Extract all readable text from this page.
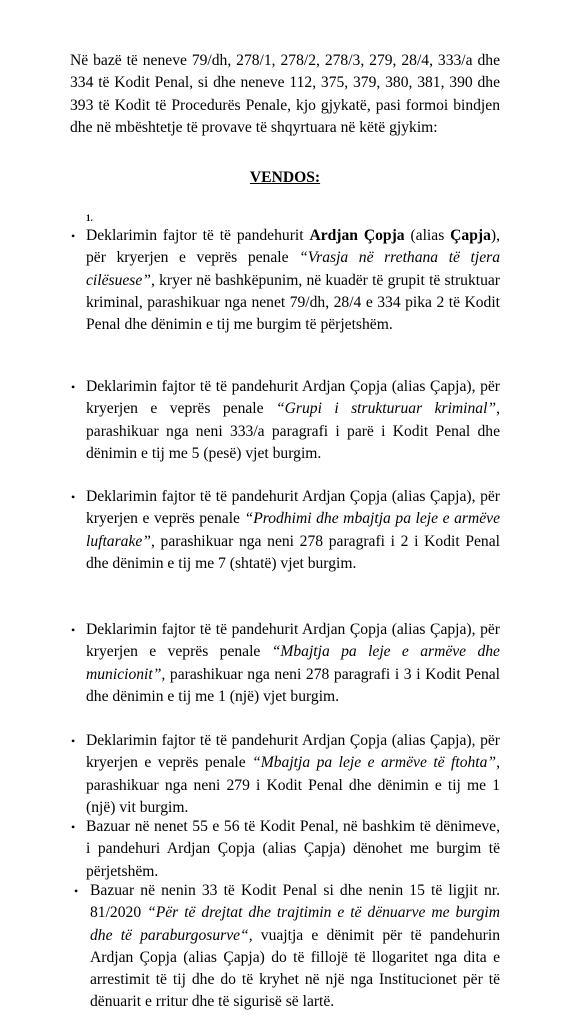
Në bazë të neneve 79/dh, 278/1, 278/2, 278/3, 279, 28/4, 333/a dhe 334 të Kodit Penal, si dhe neneve 112, 375, 379, 380, 381, 390 dhe 393 të Kodit të Procedurës Penale, kjo gjykatë, pasi formoi bindjen dhe në mbështetje të provave të shqyrtuara në këtë gjykim:

VENDOS:

1.
• Deklarimin fajtor të të pandehurit Ardjan Çopja (alias Çapja), për kryerjen e veprës penale “Vrasja në rrethana të tjera cilësuese”, kryer në bashkëpunim, në kuadër të grupit të struktuar kriminal, parashikuar nga nenet 79/dh, 28/4 e 334 pika 2 të Kodit Penal dhe dënimin e tij me burgim të përjetshëm.

• Deklarimin fajtor të të pandehurit Ardjan Çopja (alias Çapja), për kryerjen e veprës penale “Grupi i strukturuar kriminal”, parashikuar nga neni 333/a paragrafi i parë i Kodit Penal dhe dënimin e tij me 5 (pesë) vjet burgim.

• Deklarimin fajtor të të pandehurit Ardjan Çopja (alias Çapja), për kryerjen e veprës penale “Prodhimi dhe mbajtja pa leje e armëve luftarake”, parashikuar nga neni 278 paragrafi i 2 i Kodit Penal dhe dënimin e tij me 7 (shtatë) vjet burgim.

• Deklarimin fajtor të të pandehurit Ardjan Çopja (alias Çapja), për kryerjen e veprës penale “Mbajtja pa leje e armëve dhe municionit”, parashikuar nga neni 278 paragrafi i 3 i Kodit Penal dhe dënimin e tij me 1 (një) vjet burgim.

• Deklarimin fajtor të të pandehurit Ardjan Çopja (alias Çapja), për kryerjen e veprës penale “Mbajtja pa leje e armëve të ftohta”, parashikuar nga neni 279 i Kodit Penal dhe dënimin e tij me 1 (një) vit burgim.

• Bazuar në nenet 55 e 56 të Kodit Penal, në bashkim të dënimeve, i pandehuri Ardjan Çopja (alias Çapja) dënohet me burgim të përjetshëm.

• Bazuar në nenin 33 të Kodit Penal si dhe nenin 15 të ligjit nr. 81/2020 “Për të drejtat dhe trajtimin e të dënuarve me burgim dhe të paraburgosurve“, vuajtja e dënimit për të pandehurin Ardjan Çopja (alias Çapja) do të fillojë të llogaritet nga dita e arrestimit të tij dhe do të kryhet në një nga Institucionet për të dënuarit e rritur dhe të sigurisë së lartë.
